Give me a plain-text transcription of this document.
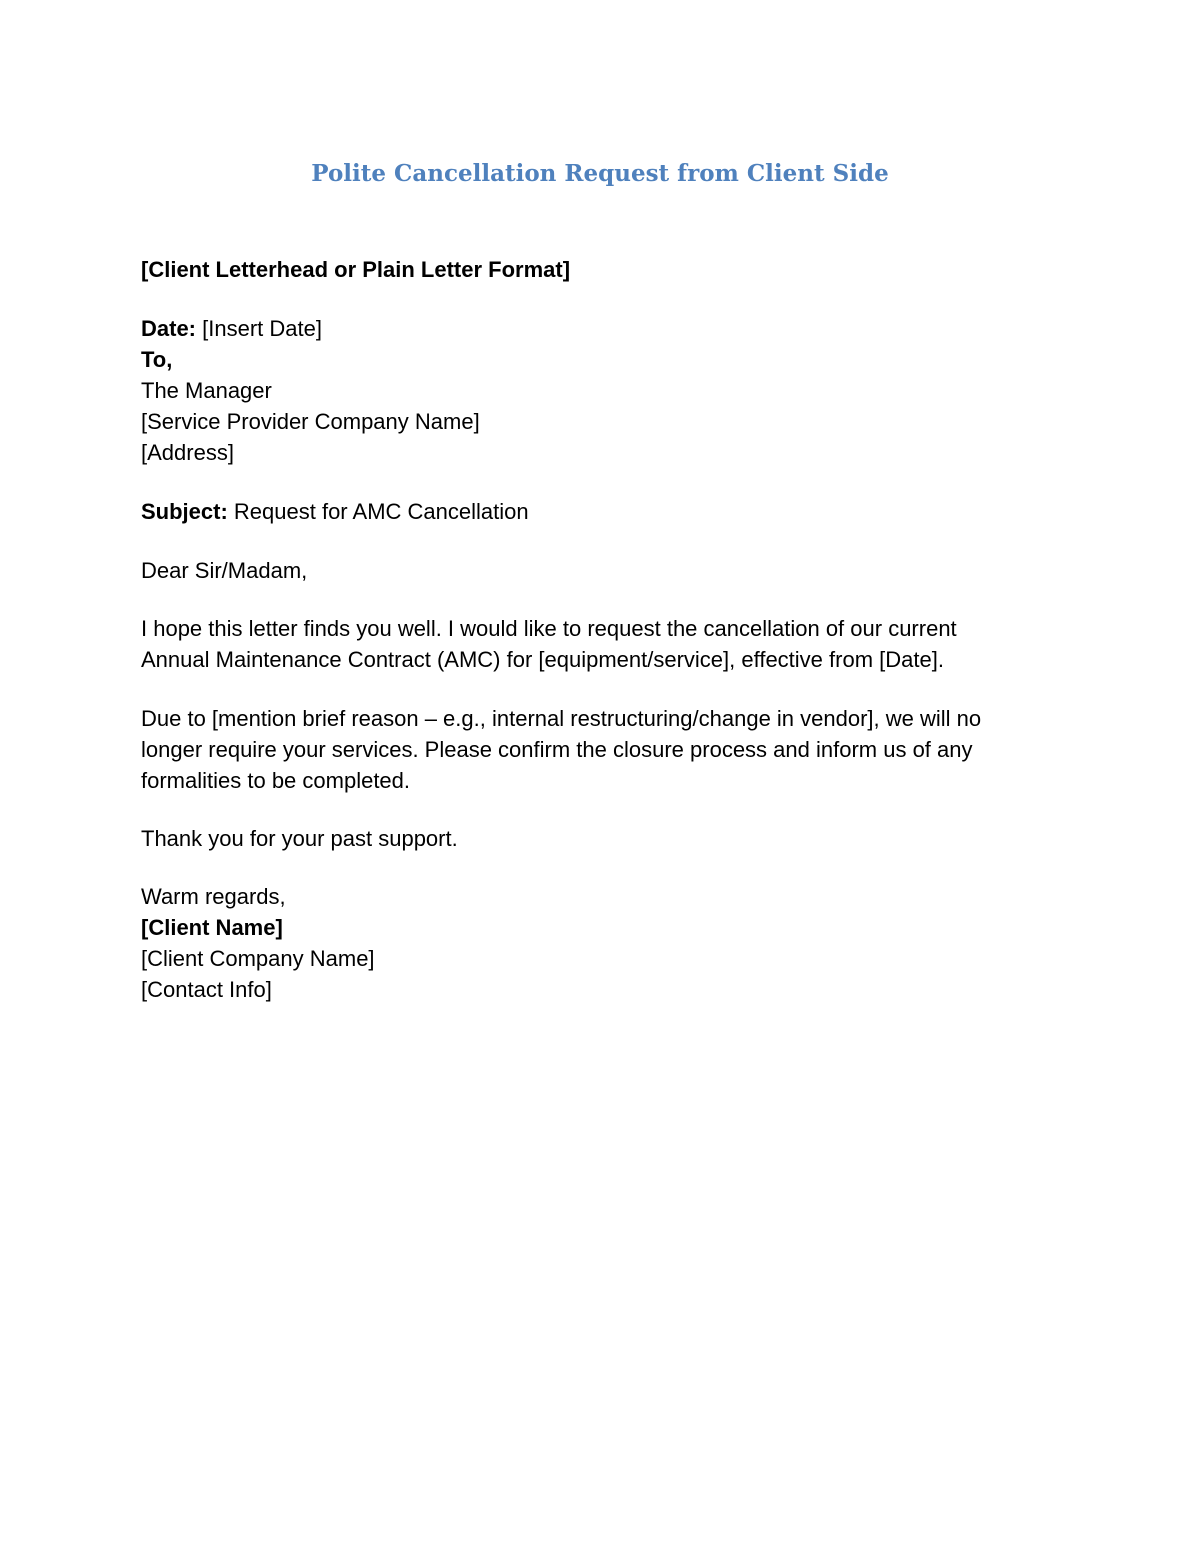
Polite Cancellation Request from Client Side
[Client Letterhead or Plain Letter Format]
Date: [Insert Date]
To,
The Manager
[Service Provider Company Name]
[Address]
Subject: Request for AMC Cancellation
Dear Sir/Madam,
I hope this letter finds you well. I would like to request the cancellation of our current
Annual Maintenance Contract (AMC) for [equipment/service], effective from [Date].
Due to [mention brief reason – e.g., internal restructuring/change in vendor], we will no
longer require your services. Please confirm the closure process and inform us of any
formalities to be completed.
Thank you for your past support.
Warm regards,
[Client Name]
[Client Company Name]
[Contact Info]
